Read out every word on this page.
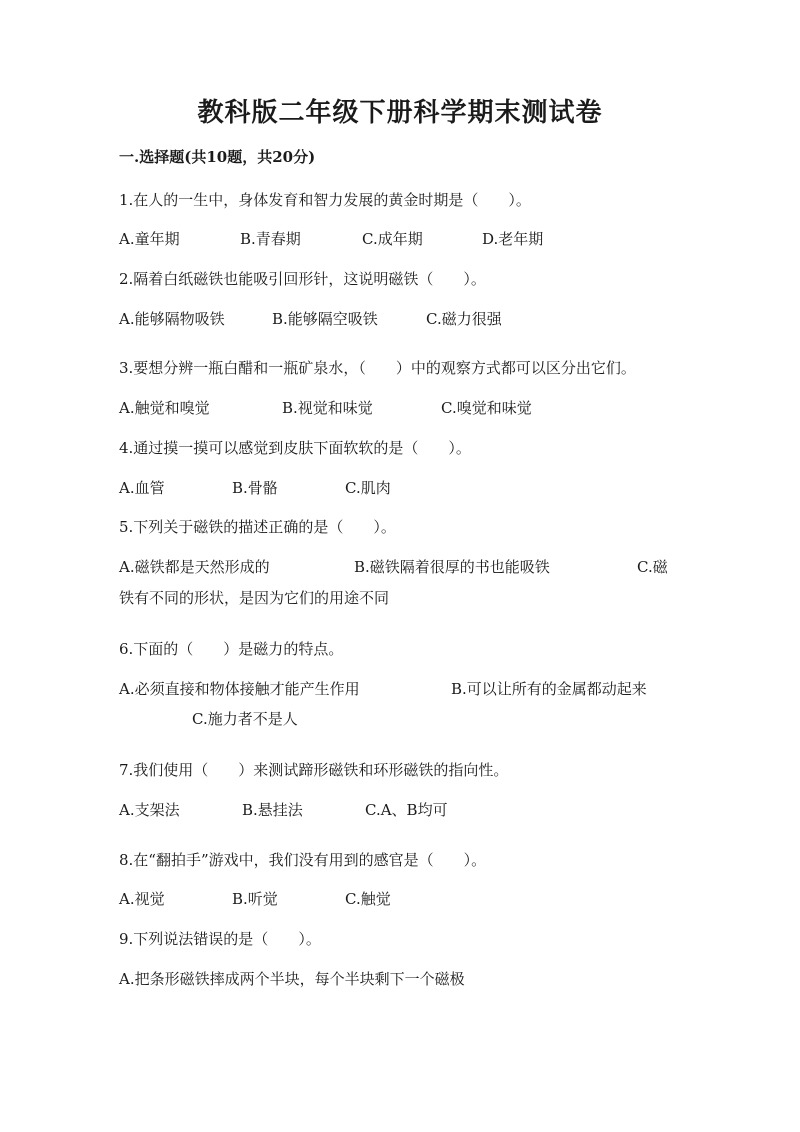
教科版二年级下册科学期末测试卷
一.选择题(共10题，共20分)
1.在人的一生中，身体发育和智力发展的黄金时期是（　　）。
A.童年期	B.青春期	C.成年期	D.老年期
2.隔着白纸磁铁也能吸引回形针，这说明磁铁（　　）。
A.能够隔物吸铁	B.能够隔空吸铁	C.磁力很强
3.要想分辨一瓶白醋和一瓶矿泉水，（　　）中的观察方式都可以区分出它们。
A.触觉和嗅觉	B.视觉和味觉	C.嗅觉和味觉
4.通过摸一摸可以感觉到皮肤下面软软的是（　　）。
A.血管	B.骨骼	C.肌肉
5.下列关于磁铁的描述正确的是（　　）。
A.磁铁都是天然形成的	B.磁铁隔着很厚的书也能吸铁	C.磁
铁有不同的形状，是因为它们的用途不同
6.下面的（　　）是磁力的特点。
A.必须直接和物体接触才能产生作用	B.可以让所有的金属都动起来
C.施力者不是人
7.我们使用（　　）来测试蹄形磁铁和环形磁铁的指向性。
A.支架法	B.悬挂法	C.A、B均可
8.在“翻拍手”游戏中，我们没有用到的感官是（　　）。
A.视觉	B.听觉	C.触觉
9.下列说法错误的是（　　）。
A.把条形磁铁摔成两个半块，每个半块剩下一个磁极
